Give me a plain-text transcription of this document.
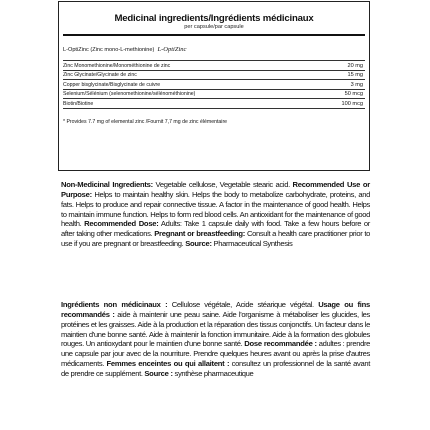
Medicinal ingredients/Ingrédients médicinaux
per capsule/par capsule
L-OptiZinc (Zinc mono-L-methionine) L-OptiZinc
Zinc Monomethionine/Monométhionine de zinc	20 mg
Zinc Glycinate/Glycinate de zinc	15 mg
Copper bisglycinate/Bisglycinate de cuivre	3 mg
Selenium/Sélénium (selenomethionine/sélénométhionine)	50 mcg
Biotin/Biotine	100 mcg
* Provides 7.7 mg of elemental zinc /Fournit 7,7 mg de zinc élémentaire
Non-Medicinal Ingredients: Vegetable cellulose, Vegetable stearic acid. Recommended Use or Purpose: Helps to maintain healthy skin. Helps the body to metabolize carbohydrate, proteins, and fats. Helps to produce and repair connective tissue. A factor in the maintenance of good health. Helps to maintain immune function. Helps to form red blood cells. An antioxidant for the maintenance of good health. Recommended Dose: Adults: Take 1 capsule daily with food. Take a few hours before or after taking other medications. Pregnant or breastfeeding: Consult a health care practitioner prior to use if you are pregnant or breastfeeding. Source: Pharmaceutical Synthesis
Ingrédients non médicinaux : Cellulose végétale, Acide stéarique végétal. Usage ou fins recommandés : aide à maintenir une peau saine. Aide l'organisme à métaboliser les glucides, les protéines et les graisses. Aide à la production et la réparation des tissus conjonctifs. Un facteur dans le maintien d'une bonne santé. Aide à maintenir la fonction immunitaire. Aide à la formation des globules rouges. Un antioxydant pour le maintien d'une bonne santé. Dose recommandée : adultes : prendre une capsule par jour avec de la nourriture. Prendre quelques heures avant ou après la prise d'autres médicaments. Femmes enceintes ou qui allaitent : consultez un professionnel de la santé avant de prendre ce supplément. Source : synthèse pharmaceutique
